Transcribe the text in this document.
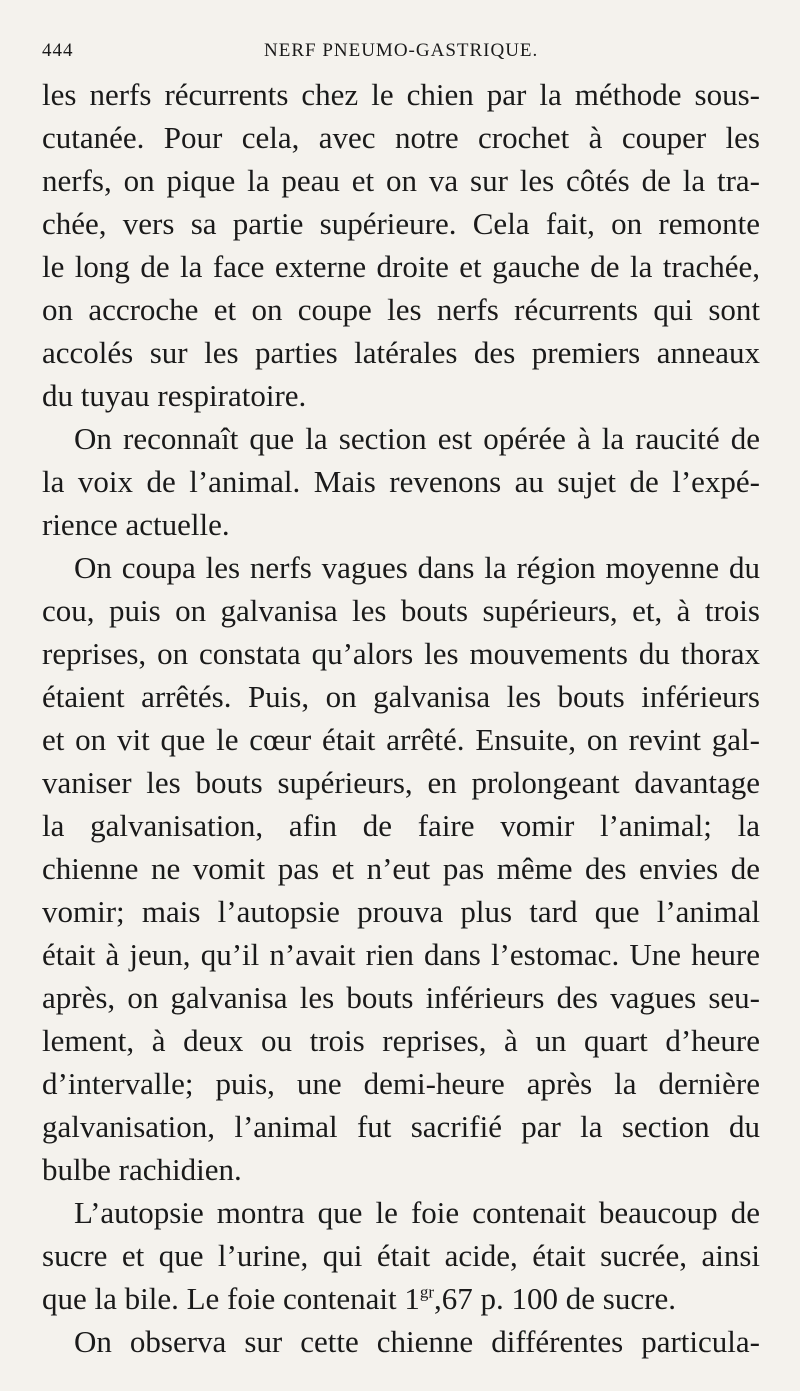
444	NERF PNEUMO-GASTRIQUE.
les nerfs récurrents chez le chien par la méthode sous-
cutanée. Pour cela, avec notre crochet à couper les
nerfs, on pique la peau et on va sur les côtés de la tra-
chée, vers sa partie supérieure. Cela fait, on remonte
le long de la face externe droite et gauche de la trachée,
on accroche et on coupe les nerfs récurrents qui sont
accolés sur les parties latérales des premiers anneaux
du tuyau respiratoire.
On reconnaît que la section est opérée à la raucité de
la voix de l’animal. Mais revenons au sujet de l’expé-
rience actuelle.
On coupa les nerfs vagues dans la région moyenne du
cou, puis on galvanisa les bouts supérieurs, et, à trois
reprises, on constata qu’alors les mouvements du thorax
étaient arrêtés. Puis, on galvanisa les bouts inférieurs
et on vit que le cœur était arrêté. Ensuite, on revint gal-
vaniser les bouts supérieurs, en prolongeant davantage
la galvanisation, afin de faire vomir l’animal; la
chienne ne vomit pas et n’eut pas même des envies de
vomir; mais l’autopsie prouva plus tard que l’animal
était à jeun, qu’il n’avait rien dans l’estomac. Une heure
après, on galvanisa les bouts inférieurs des vagues seu-
lement, à deux ou trois reprises, à un quart d’heure
d’intervalle; puis, une demi-heure après la dernière
galvanisation, l’animal fut sacrifié par la section du
bulbe rachidien.
L’autopsie montra que le foie contenait beaucoup de
sucre et que l’urine, qui était acide, était sucrée, ainsi
que la bile. Le foie contenait $1^{gr},67$ p. 100 de sucre.
On observa sur cette chienne différentes particula-
